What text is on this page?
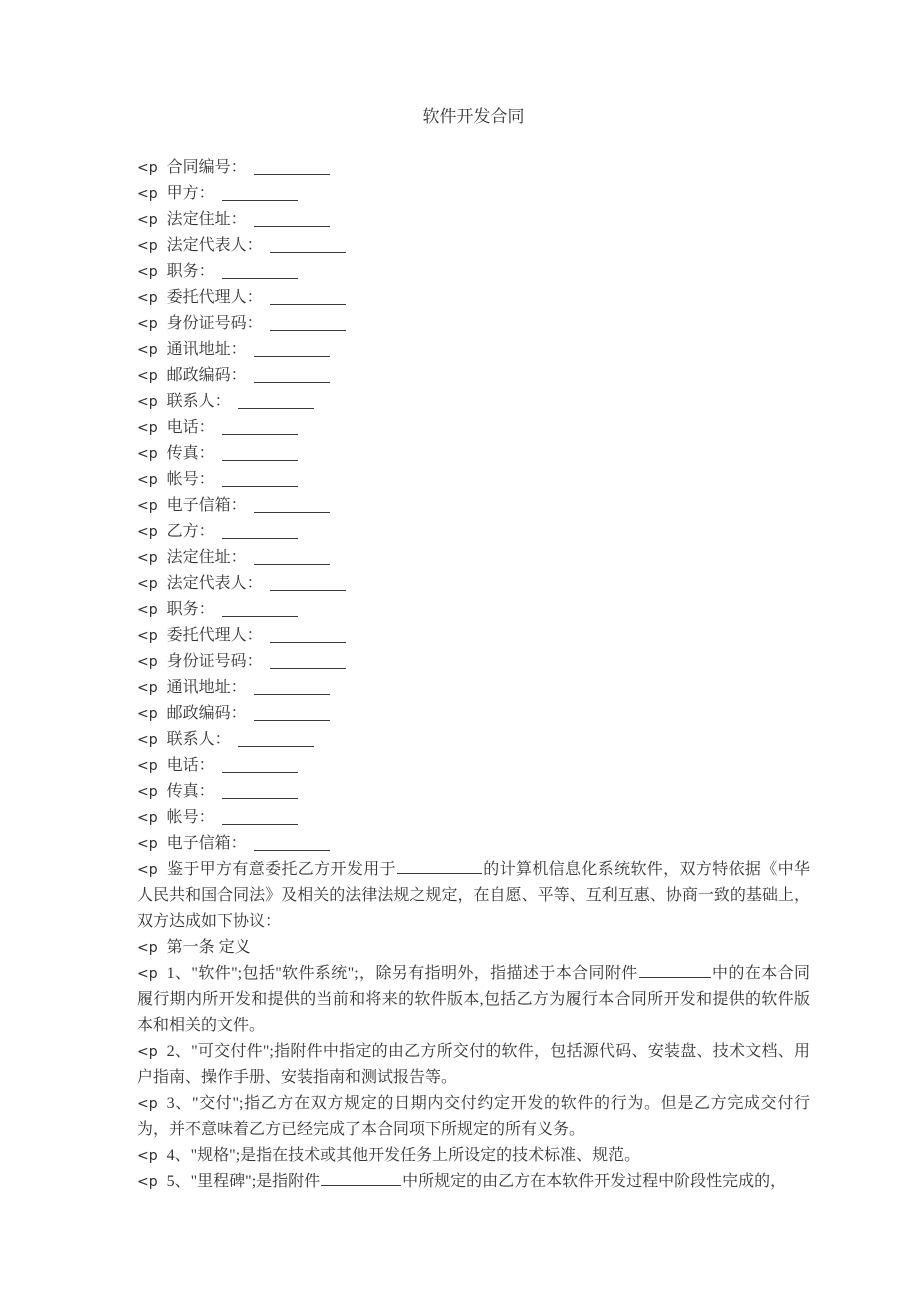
软件开发合同
<p 合同编号：
<p 甲方：
<p 法定住址：
<p 法定代表人：
<p 职务：
<p 委托代理人：
<p 身份证号码：
<p 通讯地址：
<p 邮政编码：
<p 联系人：
<p 电话：
<p 传真：
<p 帐号：
<p 电子信箱：
<p 乙方：
<p 法定住址：
<p 法定代表人：
<p 职务：
<p 委托代理人：
<p 身份证号码：
<p 通讯地址：
<p 邮政编码：
<p 联系人：
<p 电话：
<p 传真：
<p 帐号：
<p 电子信箱：
<p 鉴于甲方有意委托乙方开发用于	的计算机信息化系统软件，双方特依据《中华人民共和国合同法》及相关的法律法规之规定，在自愿、平等、互利互惠、协商一致的基础上，双方达成如下协议：
<p 第一条 定义
<p 1、"软件";包括"软件系统";，除另有指明外，指描述于本合同附件	中的在本合同履行期内所开发和提供的当前和将来的软件版本,包括乙方为履行本合同所开发和提供的软件版本和相关的文件。
<p 2、"可交付件";指附件中指定的由乙方所交付的软件，包括源代码、安装盘、技术文档、用户指南、操作手册、安装指南和测试报告等。
<p 3、"交付";指乙方在双方规定的日期内交付约定开发的软件的行为。但是乙方完成交付行为，并不意味着乙方已经完成了本合同项下所规定的所有义务。
<p 4、"规格";是指在技术或其他开发任务上所设定的技术标准、规范。
<p 5、"里程碑";是指附件	中所规定的由乙方在本软件开发过程中阶段性完成的，
